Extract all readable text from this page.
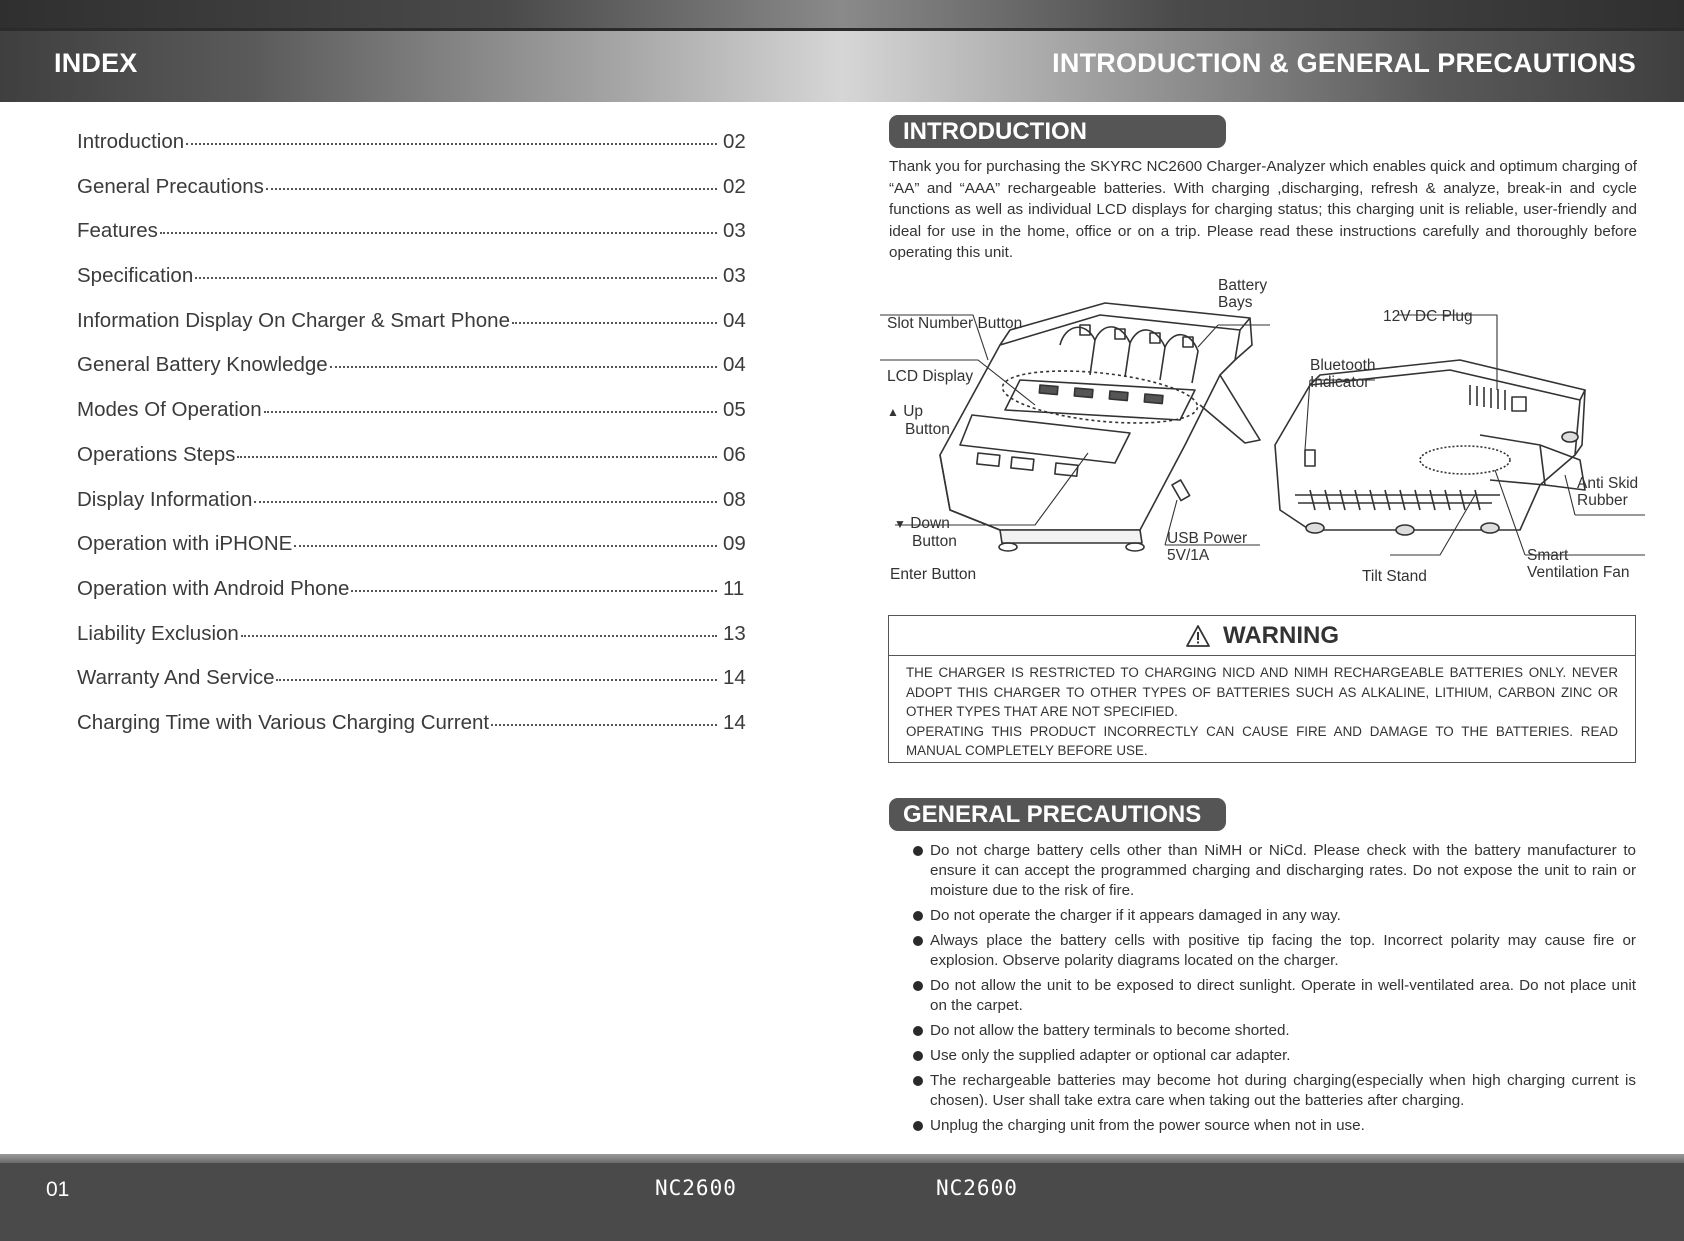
INDEX	INTRODUCTION & GENERAL PRECAUTIONS
Introduction	02
General Precautions	02
Features	03
Specification	03
Information Display On Charger & Smart Phone	04
General Battery Knowledge	04
Modes Of Operation	05
Operations Steps	06
Display Information	08
Operation with iPHONE	09
Operation with Android Phone	11
Liability Exclusion	13
Warranty And Service	14
Charging Time with Various Charging Current	14
INTRODUCTION

Thank you for purchasing the SKYRC NC2600 Charger-Analyzer which enables quick and optimum charging of “AA” and “AAA” rechargeable batteries. With charging ,discharging, refresh & analyze, break-in and cycle functions as well as individual LCD displays for charging status; this charging unit is reliable, user-friendly and ideal for use in the home, office or on a trip. Please read these instructions carefully and thoroughly before operating this unit.

Slot Number Button
Battery
Bays
LCD Display
▲ Up
Button
▼ Down
Button
Enter Button
USB Power
5V/1A
12V DC Plug
Bluetooth
Indicator
Anti Skid
Rubber
Tilt Stand
Smart
Ventilation Fan
WARNING

THE CHARGER IS RESTRICTED TO CHARGING NICD AND NIMH RECHARGEABLE BATTERIES ONLY. NEVER ADOPT THIS CHARGER TO OTHER TYPES OF BATTERIES SUCH AS ALKALINE, LITHIUM, CARBON ZINC OR OTHER TYPES THAT ARE NOT SPECIFIED.

OPERATING THIS PRODUCT INCORRECTLY CAN CAUSE FIRE AND DAMAGE TO THE BATTERIES. READ MANUAL COMPLETELY BEFORE USE.

GENERAL PRECAUTIONS
Do not charge battery cells other than NiMH or NiCd. Please check with the battery manufacturer to ensure it can accept the programmed charging and discharging rates. Do not expose the unit to rain or moisture due to the risk of fire.
Do not operate the charger if it appears damaged in any way.
Always place the battery cells with positive tip facing the top. Incorrect polarity may cause fire or explosion. Observe polarity diagrams located on the charger.
Do not allow the unit to be exposed to direct sunlight. Operate in well-ventilated area. Do not place unit on the carpet.
Do not allow the battery terminals to become shorted.
Use only the supplied adapter or optional car adapter.
The rechargeable batteries may become hot during charging(especially when high charging current is chosen). User shall take extra care when taking out the batteries after charging.
Unplug the charging unit from the power source when not in use.
01	NC2600	NC2600
